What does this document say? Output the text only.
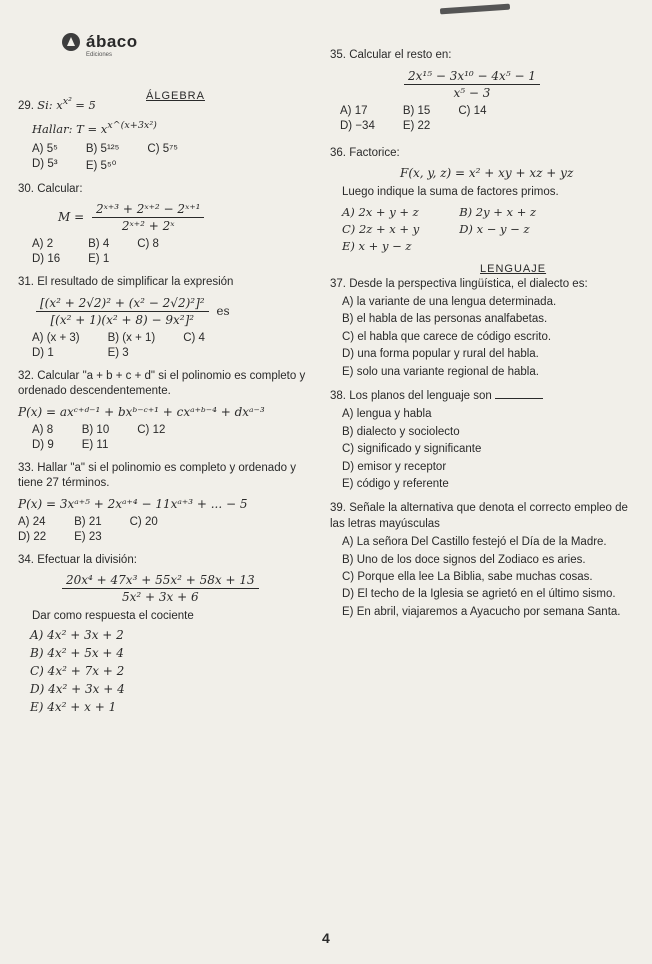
ábaco
Ediciones
ÁLGEBRA
29. Si: $x^{x^2} = 5$
Hallar: $T = x^{x\^{}(x+3x^2)}$
A) 5⁵ B) 5¹²⁵ C) 5⁷⁵
D) 5³ E) 5⁵⁰
30. Calcular:
$M = \frac{\text{2ˣ⁺³ + 2ˣ⁺² − 2ˣ⁺¹}}{\text{2ˣ⁺² + 2ˣ}}$
A) 2	B) 4 C) 8
D) 16 E) 1
31. El resultado de simplificar la expresión
$\frac{\text{[(x² + 2√2)² + (x² − 2√2)²]²}}{\text{[(x² + 1)(x² + 8) − 9x²]²}}$ es
A) (x + 3) B) (x + 1) C) 4
D) 1	E) 3
32. Calcular "a + b + c + d" si el polinomio es completo y ordenado descendentemente.
P(x) = axᶜ⁺ᵈ⁻¹ + bxᵇ⁻ᶜ⁺¹ + cxᵃ⁺ᵇ⁻⁴ + dxᵃ⁻³
A) 8 B) 10 C) 12
D) 9 E) 11
33. Hallar "a" si el polinomio es completo y ordenado y tiene 27 términos.
P(x) = 3xᵃ⁺⁵ + 2xᵃ⁺⁴ − 11xᵃ⁺³ + ... − 5
A) 24 B) 21 C) 20
D) 22 E) 23
34. Efectuar la división:
$\frac{\text{20x⁴ + 47x³ + 55x² + 58x + 13}}{\text{5x² + 3x + 6}}$
Dar como respuesta el cociente
A) 4x² + 3x + 2
B) 4x² + 5x + 4
C) 4x² + 7x + 2
D) 4x² + 3x + 4
E) 4x² + x + 1
35. Calcular el resto en:
$\frac{\text{2x¹⁵ − 3x¹⁰ − 4x⁵ − 1}}{\text{x⁵ − 3}}$
A) 17	B) 15 C) 14
D) −34 E) 22
36. Factorice:
F(x, y, z) = x² + xy + xz + yz
Luego indique la suma de factores primos.
A) 2x + y + z	B) 2y + x + z
C) 2z + x + y	D) x − y − z
E) x + y − z
LENGUAJE
37. Desde la perspectiva lingüística, el dialecto es:
A) la variante de una lengua determinada.
B) el habla de las personas analfabetas.
C) el habla que carece de código escrito.
D) una forma popular y rural del habla.
E) solo una variante regional de habla.
38. Los planos del lenguaje son
A) lengua y habla
B) dialecto y sociolecto
C) significado y significante
D) emisor y receptor
E) código y referente
39. Señale la alternativa que denota el correcto empleo de las letras mayúsculas
A) La señora Del Castillo festejó el Día de la Madre.
B) Uno de los doce signos del Zodiaco es aries.
C) Porque ella lee La Biblia, sabe muchas cosas.
D) El techo de la Iglesia se agrietó en el último sismo.
E) En abril, viajaremos a Ayacucho por semana Santa.
4
